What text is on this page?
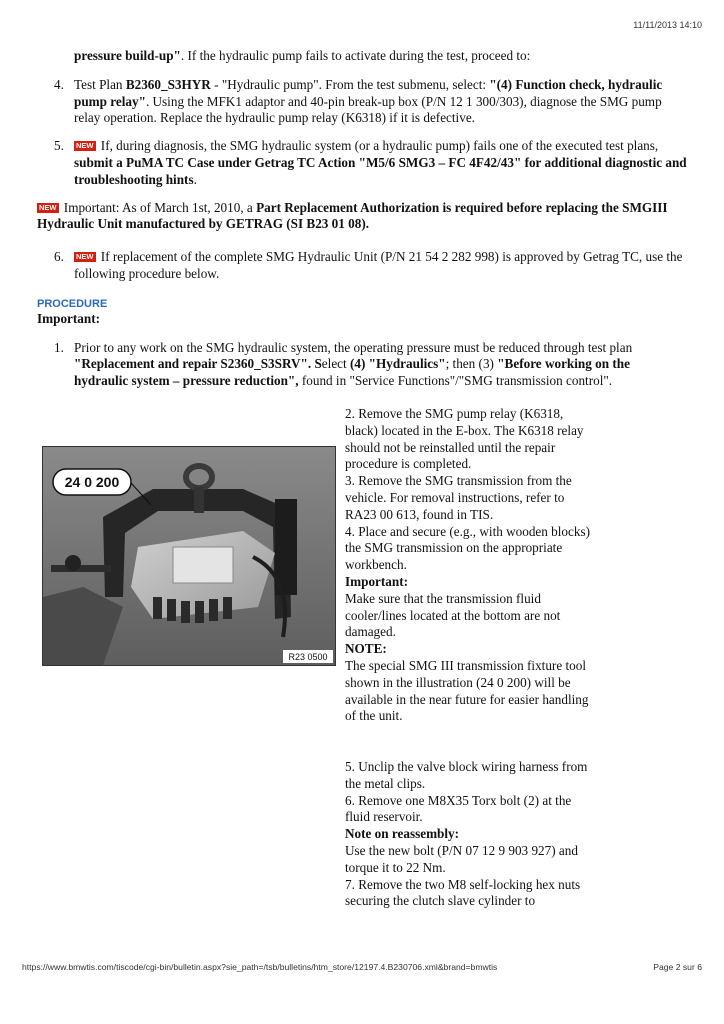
11/11/2013 14:10

pressure build-up". If the hydraulic pump fails to activate during the test, proceed to:

4. Test Plan B2360_S3HYR - "Hydraulic pump". From the test submenu, select: "(4) Function check, hydraulic pump relay". Using the MFK1 adaptor and 40-pin break-up box (P/N 12 1 300/303), diagnose the SMG pump relay operation. Replace the hydraulic pump relay (K6318) if it is defective.
5. NEW If, during diagnosis, the SMG hydraulic system (or a hydraulic pump) fails one of the executed test plans, submit a PuMA TC Case under Getrag TC Action "M5/6 SMG3 – FC 4F42/43" for additional diagnostic and troubleshooting hints.

NEW Important: As of March 1st, 2010, a Part Replacement Authorization is required before replacing the SMGIII Hydraulic Unit manufactured by GETRAG (SI B23 01 08).

6. NEW If replacement of the complete SMG Hydraulic Unit (P/N 21 54 2 282 998) is approved by Getrag TC, use the following procedure below.
PROCEDURE

Important:

1. Prior to any work on the SMG hydraulic system, the operating pressure must be reduced through test plan "Replacement and repair S2360_S3SRV". Select (4) "Hydraulics"; then (3) "Before working on the hydraulic system – pressure reduction", found in "Service Functions"/"SMG transmission control".
24 0 200
R23 0500

2. Remove the SMG pump relay (K6318, black) located in the E-box. The K6318 relay should not be reinstalled until the repair procedure is completed.

3. Remove the SMG transmission from the vehicle. For removal instructions, refer to RA23 00 613, found in TIS.

4. Place and secure (e.g., with wooden blocks) the SMG transmission on the appropriate workbench.

Important:

Make sure that the transmission fluid cooler/lines located at the bottom are not damaged.

NOTE:

The special SMG III transmission fixture tool shown in the illustration (24 0 200) will be available in the near future for easier handling of the unit.

5. Unclip the valve block wiring harness from the metal clips.

6. Remove one M8X35 Torx bolt (2) at the fluid reservoir.

Note on reassembly:

Use the new bolt (P/N 07 12 9 903 927) and torque it to 22 Nm.

7. Remove the two M8 self-locking hex nuts securing the clutch slave cylinder to

https://www.bmwtis.com/tiscode/cgi-bin/bulletin.aspx?sie_path=/tsb/bulletins/htm_store/12197.4.B230706.xml&brand=bmwtis	Page 2 sur 6
